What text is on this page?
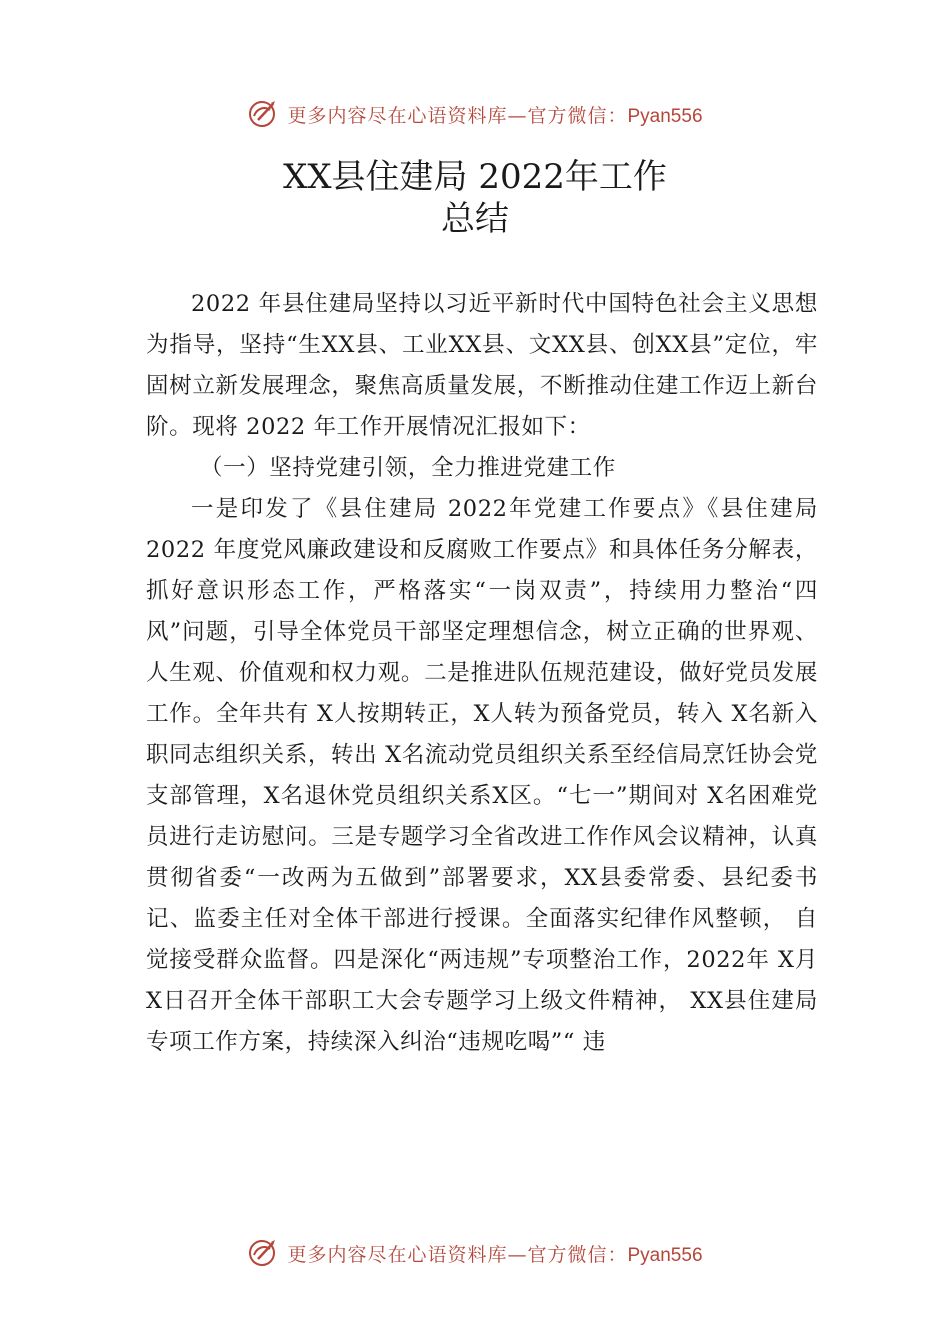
更多内容尽在心语资料库—官方微信：Pyan556
XX县住建局 2022年工作
总结

2022 年县住建局坚持以习近平新时代中国特色社会主义思想为指导，坚持“生XX县、工业XX县、文XX县、创XX县”定位，牢固树立新发展理念，聚焦高质量发展，不断推动住建工作迈上新台阶。现将 2022 年工作开展情况汇报如下：

（一）坚持党建引领，全力推进党建工作

一是印发了《县住建局 2022年党建工作要点》《县住建局 2022 年度党风廉政建设和反腐败工作要点》和具体任务分解表，抓好意识形态工作，严格落实“一岗双责”，持续用力整治“四风”问题，引导全体党员干部坚定理想信念，树立正确的世界观、人生观、价值观和权力观。二是推进队伍规范建设，做好党员发展工作。全年共有 X人按期转正，X人转为预备党员，转入 X名新入职同志组织关系，转出 X名流动党员组织关系至经信局烹饪协会党支部管理，X名退休党员组织关系X区。“七一”期间对 X名困难党员进行走访慰问。三是专题学习全省改进工作作风会议精神，认真贯彻省委“一改两为五做到”部署要求，XX县委常委、县纪委书记、监委主任对全体干部进行授课。全面落实纪律作风整顿， 自觉接受群众监督。四是深化“两违规”专项整治工作，2022年 X月 X日召开全体干部职工大会专题学习上级文件精神， XX县住建局专项工作方案，持续深入纠治“违规吃喝”“ 违

更多内容尽在心语资料库—官方微信：Pyan556
